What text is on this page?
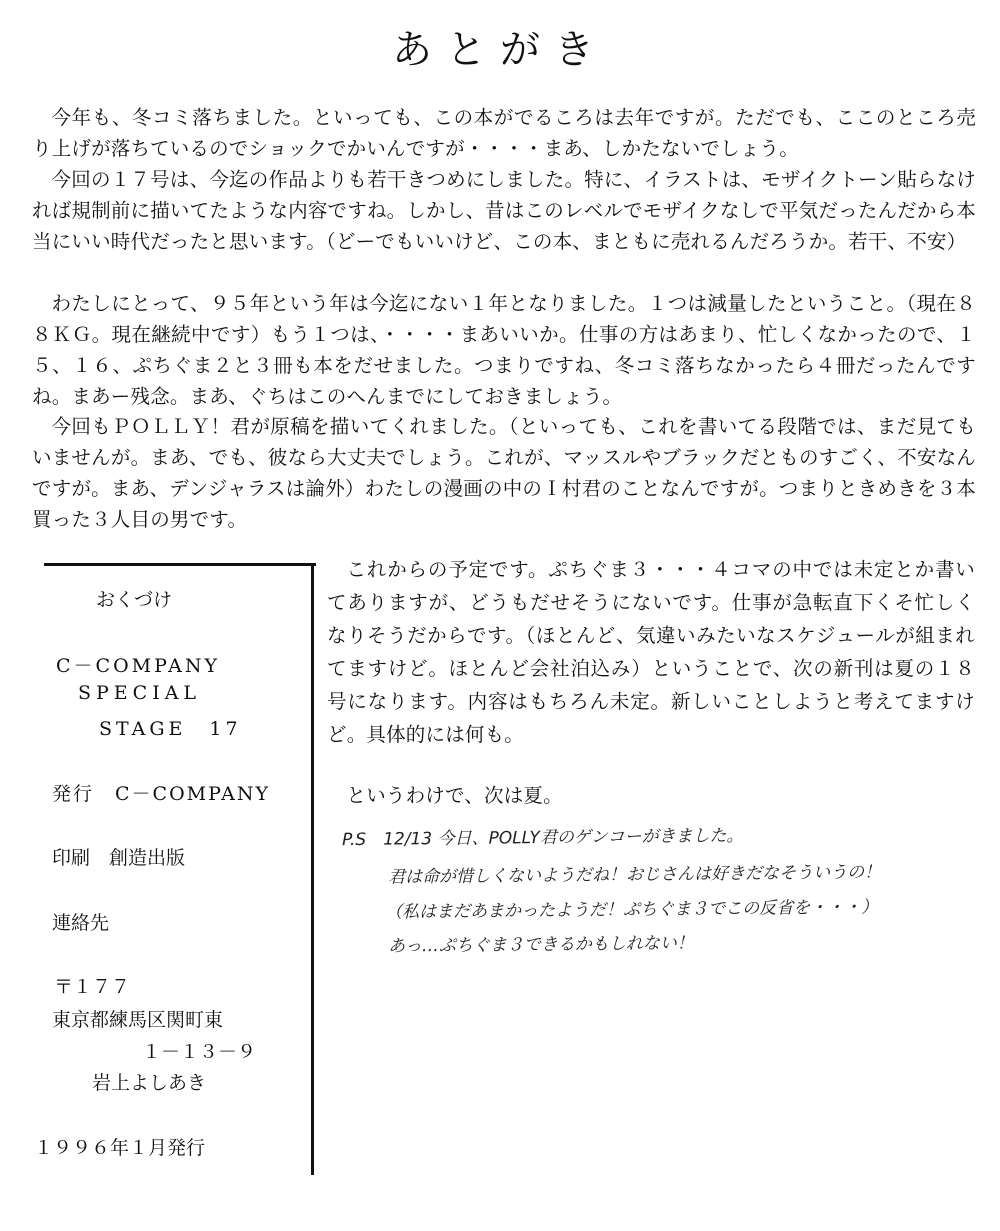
あとがき

今年も、冬コミ落ちました。といっても、この本がでるころは去年ですが。ただでも、ここのところ売り上げが落ちているのでショックでかいんですが・・・・まあ、しかたないでしょう。

今回の１７号は、今迄の作品よりも若干きつめにしました。特に、イラストは、モザイクトーン貼らなければ規制前に描いてたような内容ですね。しかし、昔はこのレベルでモザイクなしで平気だったんだから本当にいい時代だったと思います。（どーでもいいけど、この本、まともに売れるんだろうか。若干、不安）

わたしにとって、９５年という年は今迄にない１年となりました。１つは減量したということ。（現在８８ＫＧ。現在継続中です）もう１つは、・・・・まあいいか。仕事の方はあまり、忙しくなかったので、１５、１６、ぷちぐま２と３冊も本をだせました。つまりですね、冬コミ落ちなかったら４冊だったんですね。まあー残念。まあ、ぐちはこのへんまでにしておきましょう。

今回もＰＯＬＬＹ！君が原稿を描いてくれました。（といっても、これを書いてる段階では、まだ見てもいませんが。まあ、でも、彼なら大丈夫でしょう。これが、マッスルやブラックだとものすごく、不安なんですが。まあ、デンジャラスは論外）わたしの漫画の中のＩ村君のことなんですが。つまりときめきを３本買った３人目の男です。

これからの予定です。ぷちぐま３・・・４コマの中では未定とか書いてありますが、どうもだせそうにないです。仕事が急転直下くそ忙しくなりそうだからです。（ほとんど、気違いみたいなスケジュールが組まれてますけど。ほとんど会社泊込み）ということで、次の新刊は夏の１８号になります。内容はもちろん未定。新しいことしようと考えてますけど。具体的には何も。

というわけで、次は夏。

P.S　12/13 今日、POLLY君のゲンコーがきました。

君は命が惜しくないようだね！おじさんは好きだなそういうの！

（私はまだあまかったようだ！ぷちぐま３でこの反省を・・・）

あっ…ぷちぐま３できるかもしれない！

おくづけ

C－COMPANY

SPECIAL

STAGE　17

発行　C－COMPANY

印刷　創造出版

連絡先

〒１７７

東京都練馬区関町東

１－１３－９

岩上よしあき

１９９６年１月発行
